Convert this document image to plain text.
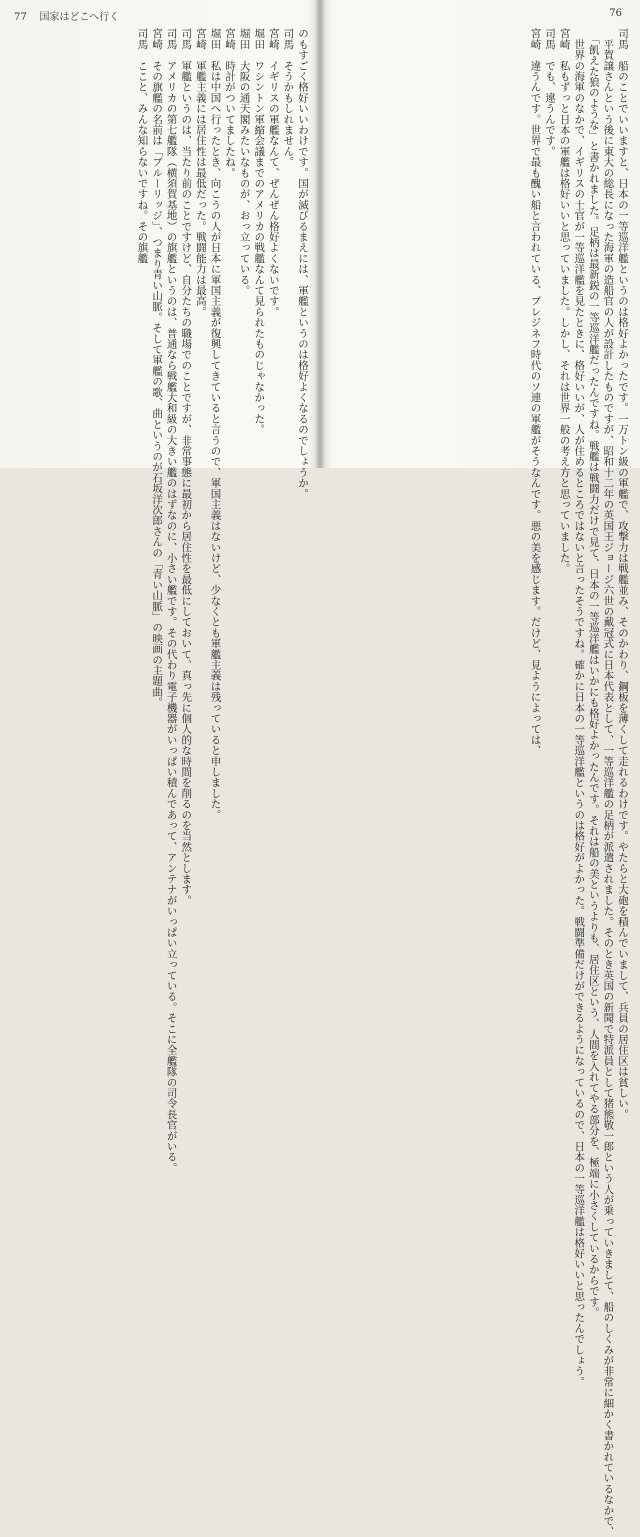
77 国家はどこへ行く
のもすごく格好いいわけです。国が滅びるまえには、軍艦というのは格好よくなるのでしょうか。
司馬　そうかもしれません。
宮崎　イギリスの軍艦なんて、ぜんぜん格好よくないです。
堀田　ワシントン軍縮会議までのアメリカの戦艦なんて見られたものじゃなかった。
堀田　大阪の通天閣みたいなものが、おっ立っている。
宮崎　時計がついてましたね。
堀田　私は中国へ行ったとき、向こうの人が日本に軍国主義が復興してきていると言うので、軍国主義はないけど、少なくとも軍艦主義は残っていると申しました。
宮崎　軍艦主義には居住性は最低だった。戦闘能力は最高。
司馬　軍艦というのは、当たり前のことですけど、自分たちの職場でのことですが、非常事態に最初から居住性を最低にしておいて、真っ先に個人的な時間を削るのを当然とします。
司馬　アメリカの第七艦隊（横須賀基地）の旗艦というのは、普通なら戦艦大和級の大きい艦のはずなのに、小さい艦です。その代わり電子機器がいっぱい積んであって、アンテナがいっぱい立っている。そこに全艦隊の司令長官がいる。
宮崎　その旗艦の名前は「ブルーリッジ」、つまり青い山脈。そして軍艦の歌、曲というのが石坂洋次郎さんの「青い山脈」の映画の主題曲。
司馬　ここと、みんな知らないですね。その旗艦
76
司馬　船のことでいいますと、日本の一等巡洋艦というのは格好よかったです。一万トン級の軍艦で、攻撃力は戦艦並み、そのかわり、鋼板を薄くして走れるわけです。やたらと大砲を積んでいまして、兵員の居住区は貧しい。
　平賀譲さんという後に東大の総長になった海軍の造船官の人が設計したものですが、昭和十二年の英国王ジョージ六世の戴冠式に日本代表として、一等巡洋艦の足柄が派遣されました。そのとき英国の新聞で特派員として猪熊敬一郎という人が乗っていきまして、船のしくみが非常に細かく書かれているなかで、
　「飢えた狼のような」と書かれました。足柄は最新鋭の一等巡洋艦だったんですね。戦艦は戦闘力だけで見て、日本の一等巡洋艦はいかにも格好よかったんです。それは船の美というよりも、居住区という、人間を入れてやる部分を、極端に小さくしているからです。
　世界の海軍のなかで、イギリスの士官が一等巡洋艦を見たときに、格好いいが、人が住めるところではないと言ったそうですね。確かに日本の一等巡洋艦というのは格好がよかった。戦闘準備だけができるようになっているので、日本の一等巡洋艦は格好いいと思ったんでしょう。
宮崎　私もずっと日本の軍艦は格好いいと思っていました。しかし、それは世界一般の考え方と思っていました。
司馬　でも、違うんです。
宮崎　違うんです。世界で最も醜い船と言われている、ブレジネフ時代のソ連の軍艦がそうなんです。悪の美を感じます。だけど、見ようによっては、
